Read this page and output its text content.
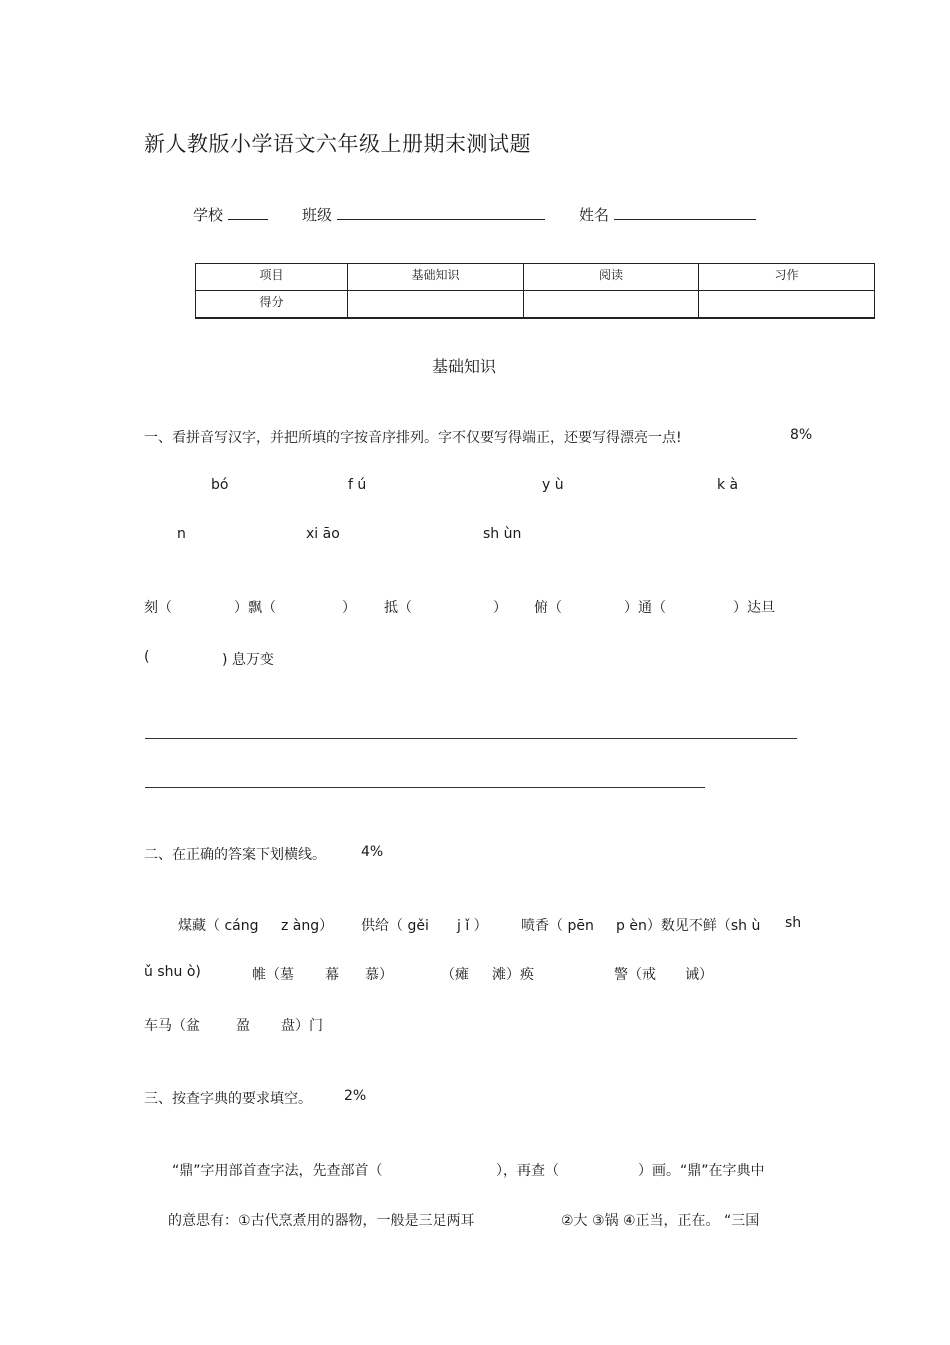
新人教版小学语文六年级上册期末测试题
学校	班级	姓名
项目	基础知识	阅读	习作
得分			
基础知识
一、看拼音写汉字，并把所填的字按音序排列。字不仅要写得端正，还要写得漂亮一点!	8%
bó	f ú	y ù	k à
n	xi āo	sh ùn
刻（	）飘（	） 抵（	） 俯（	）通（	）达旦
(	) 息万变
二、在正确的答案下划横线。	4%
煤藏（ cáng z àng） 供给（ gěi j ǐ ） 喷香（ pēn p èn）数见不鲜（sh ù sh
ǔ shu ò)	帷（墓 幕 慕）	（瘫 滩）痪	警（戒 诫）
车马（盆	盈 盘）门
三、按查字典的要求填空。 2%
“鼎”字用部首查字法，先查部首（	），再查（	）画。“鼎”在字典中
的意思有：①古代烹煮用的器物，一般是三足两耳	②大 ③锅 ④正当，正在。 “三国
